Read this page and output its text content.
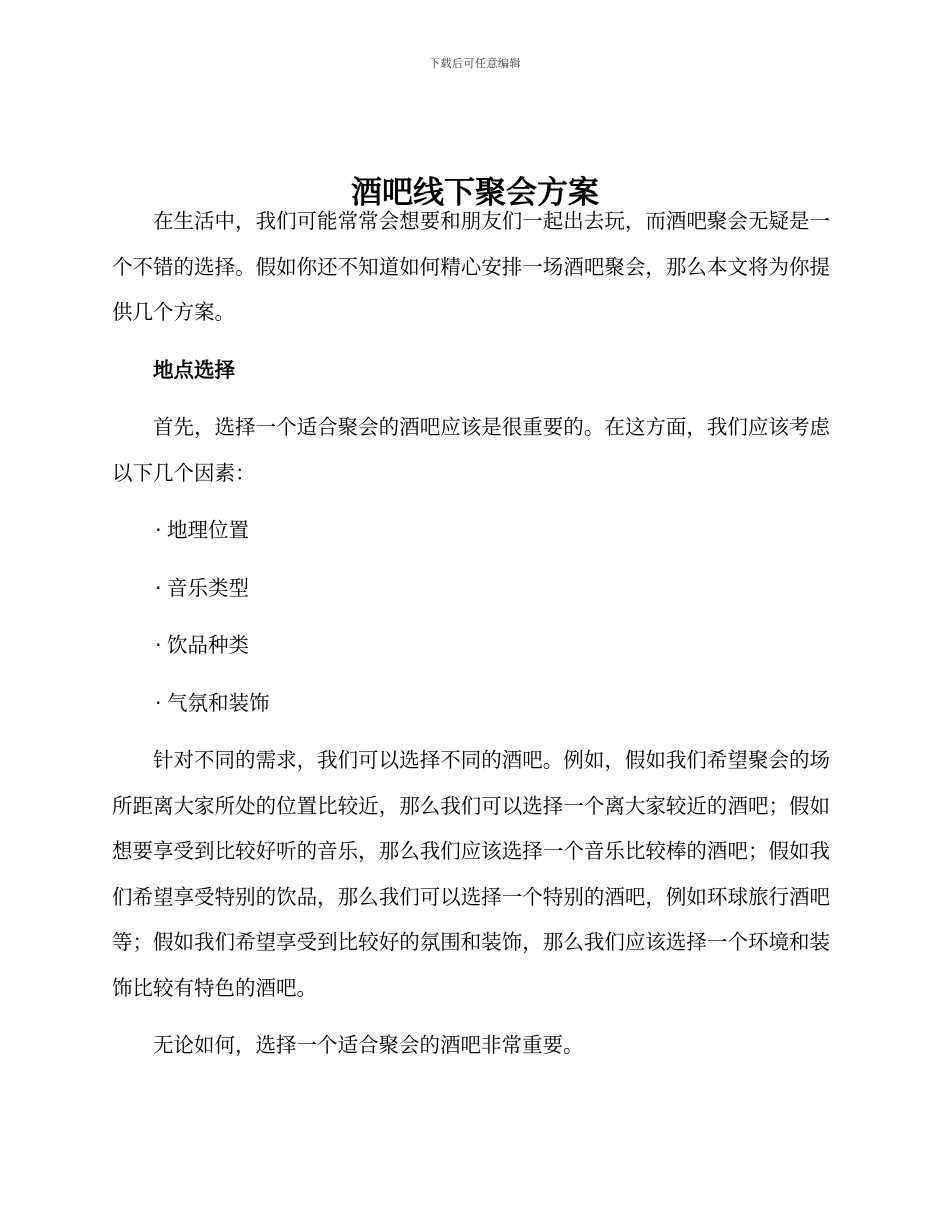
下载后可任意编辑
酒吧线下聚会方案

在生活中，我们可能常常会想要和朋友们一起出去玩，而酒吧聚会无疑是一个不错的选择。假如你还不知道如何精心安排一场酒吧聚会，那么本文将为你提供几个方案。

地点选择

首先，选择一个适合聚会的酒吧应该是很重要的。在这方面，我们应该考虑以下几个因素：

· 地理位置
· 音乐类型
· 饮品种类
· 气氛和装饰

针对不同的需求，我们可以选择不同的酒吧。例如，假如我们希望聚会的场所距离大家所处的位置比较近，那么我们可以选择一个离大家较近的酒吧；假如想要享受到比较好听的音乐，那么我们应该选择一个音乐比较棒的酒吧；假如我们希望享受特别的饮品，那么我们可以选择一个特别的酒吧，例如环球旅行酒吧等；假如我们希望享受到比较好的氛围和装饰，那么我们应该选择一个环境和装饰比较有特色的酒吧。

无论如何，选择一个适合聚会的酒吧非常重要。
